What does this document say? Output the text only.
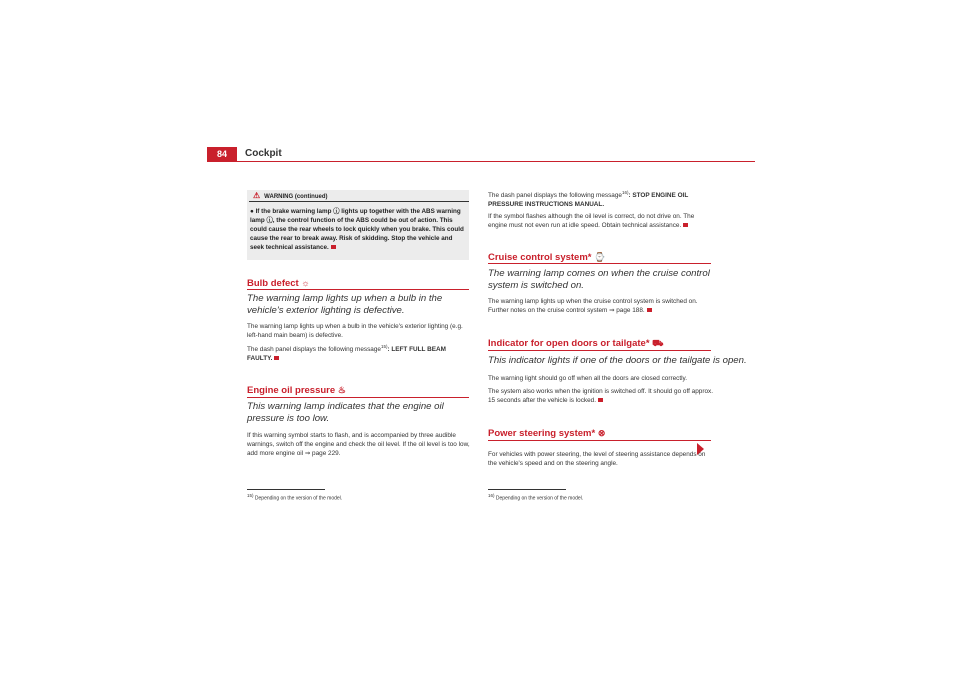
84	Cockpit
⚠ WARNING (continued)
● If the brake warning lamp ⓘ lights up together with the ABS warning lamp ⓘ, the control function of the ABS could be out of action. This could cause the rear wheels to lock quickly when you brake. This could cause the rear to break away. Risk of skidding. Stop the vehicle and seek technical assistance.
Bulb defect ☼
The warning lamp lights up when a bulb in the vehicle's exterior lighting is defective.
The warning lamp lights up when a bulb in the vehicle's exterior lighting (e.g. left-hand main beam) is defective.
The dash panel displays the following message$^{15)}$: LEFT FULL BEAM FAULTY.
Engine oil pressure ♨
This warning lamp indicates that the engine oil pressure is too low.
If this warning symbol starts to flash, and is accompanied by three audible warnings, switch off the engine and check the oil level. If the oil level is too low, add more engine oil ⇒ page 229.
$^{15)}$ Depending on the version of the model.
The dash panel displays the following message$^{16)}$: STOP ENGINE OIL PRESSURE INSTRUCTIONS MANUAL.
If the symbol flashes although the oil level is correct, do not drive on. The engine must not even run at idle speed. Obtain technical assistance.
Cruise control system* ⌚
The warning lamp comes on when the cruise control system is switched on.
The warning lamp lights up when the cruise control system is switched on. Further notes on the cruise control system ⇒ page 188.
Indicator for open doors or tailgate* ⛟
This indicator lights if one of the doors or the tailgate is open.
The warning light should go off when all the doors are closed correctly.
The system also works when the ignition is switched off. It should go off approx. 15 seconds after the vehicle is locked.
Power steering system* ⊗
For vehicles with power steering, the level of steering assistance depends on the vehicle's speed and on the steering angle.
$^{16)}$ Depending on the version of the model.
